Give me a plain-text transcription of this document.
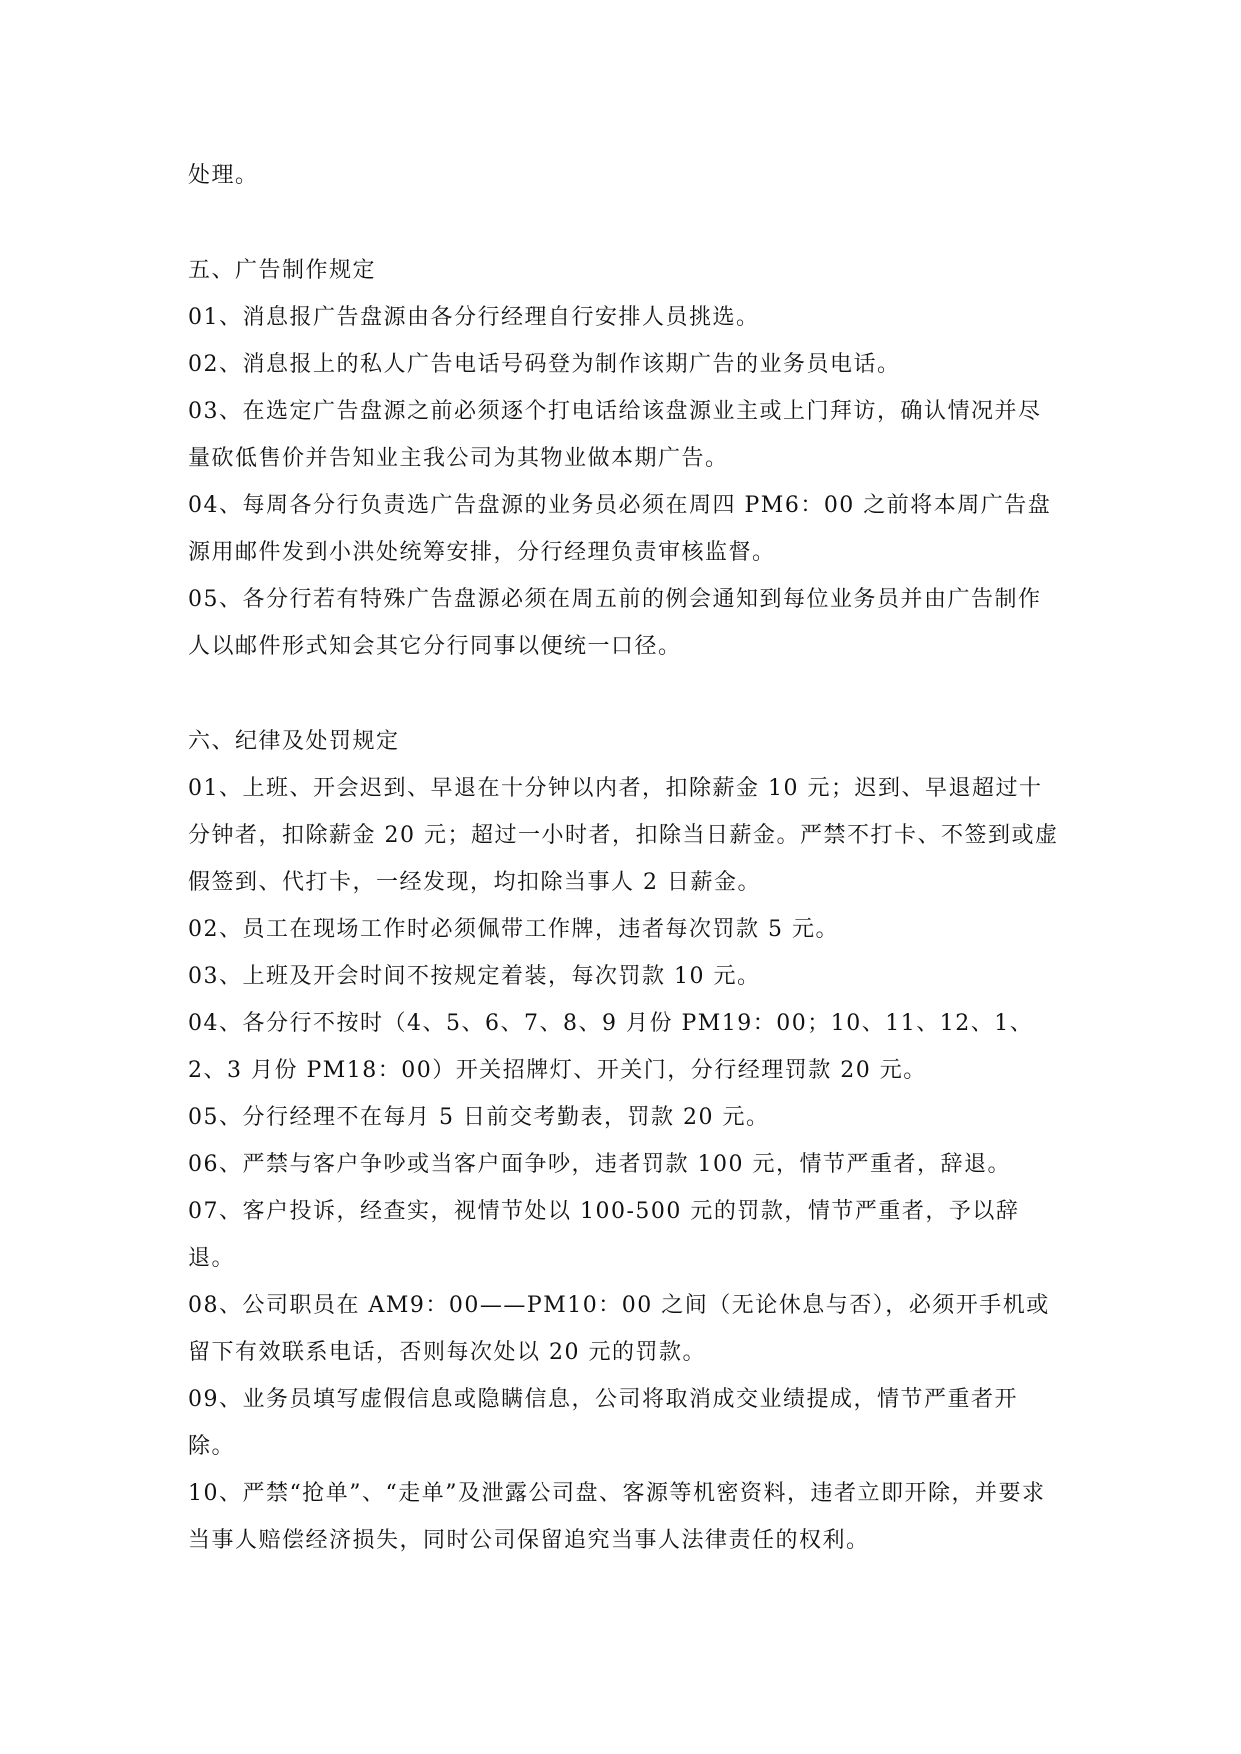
处理。

五、广告制作规定

01、消息报广告盘源由各分行经理自行安排人员挑选。

02、消息报上的私人广告电话号码登为制作该期广告的业务员电话。

03、在选定广告盘源之前必须逐个打电话给该盘源业主或上门拜访，确认情况并尽量砍低售价并告知业主我公司为其物业做本期广告。

04、每周各分行负责选广告盘源的业务员必须在周四 PM6：00 之前将本周广告盘源用邮件发到小洪处统筹安排，分行经理负责审核监督。

05、各分行若有特殊广告盘源必须在周五前的例会通知到每位业务员并由广告制作人以邮件形式知会其它分行同事以便统一口径。

六、纪律及处罚规定

01、上班、开会迟到、早退在十分钟以内者，扣除薪金 10 元；迟到、早退超过十分钟者，扣除薪金 20 元；超过一小时者，扣除当日薪金。严禁不打卡、不签到或虚假签到、代打卡，一经发现，均扣除当事人 2 日薪金。

02、员工在现场工作时必须佩带工作牌，违者每次罚款 5 元。

03、上班及开会时间不按规定着装，每次罚款 10 元。

04、各分行不按时（4、5、6、7、8、9 月份 PM19：00；10、11、12、1、2、3 月份 PM18：00）开关招牌灯、开关门，分行经理罚款 20 元。

05、分行经理不在每月 5 日前交考勤表，罚款 20 元。

06、严禁与客户争吵或当客户面争吵，违者罚款 100 元，情节严重者，辞退。

07、客户投诉，经查实，视情节处以 100-500 元的罚款，情节严重者，予以辞退。

08、公司职员在 AM9：00——PM10：00 之间（无论休息与否），必须开手机或留下有效联系电话，否则每次处以 20 元的罚款。

09、业务员填写虚假信息或隐瞒信息，公司将取消成交业绩提成，情节严重者开除。

10、严禁“抢单”、“走单”及泄露公司盘、客源等机密资料，违者立即开除，并要求当事人赔偿经济损失，同时公司保留追究当事人法律责任的权利。
